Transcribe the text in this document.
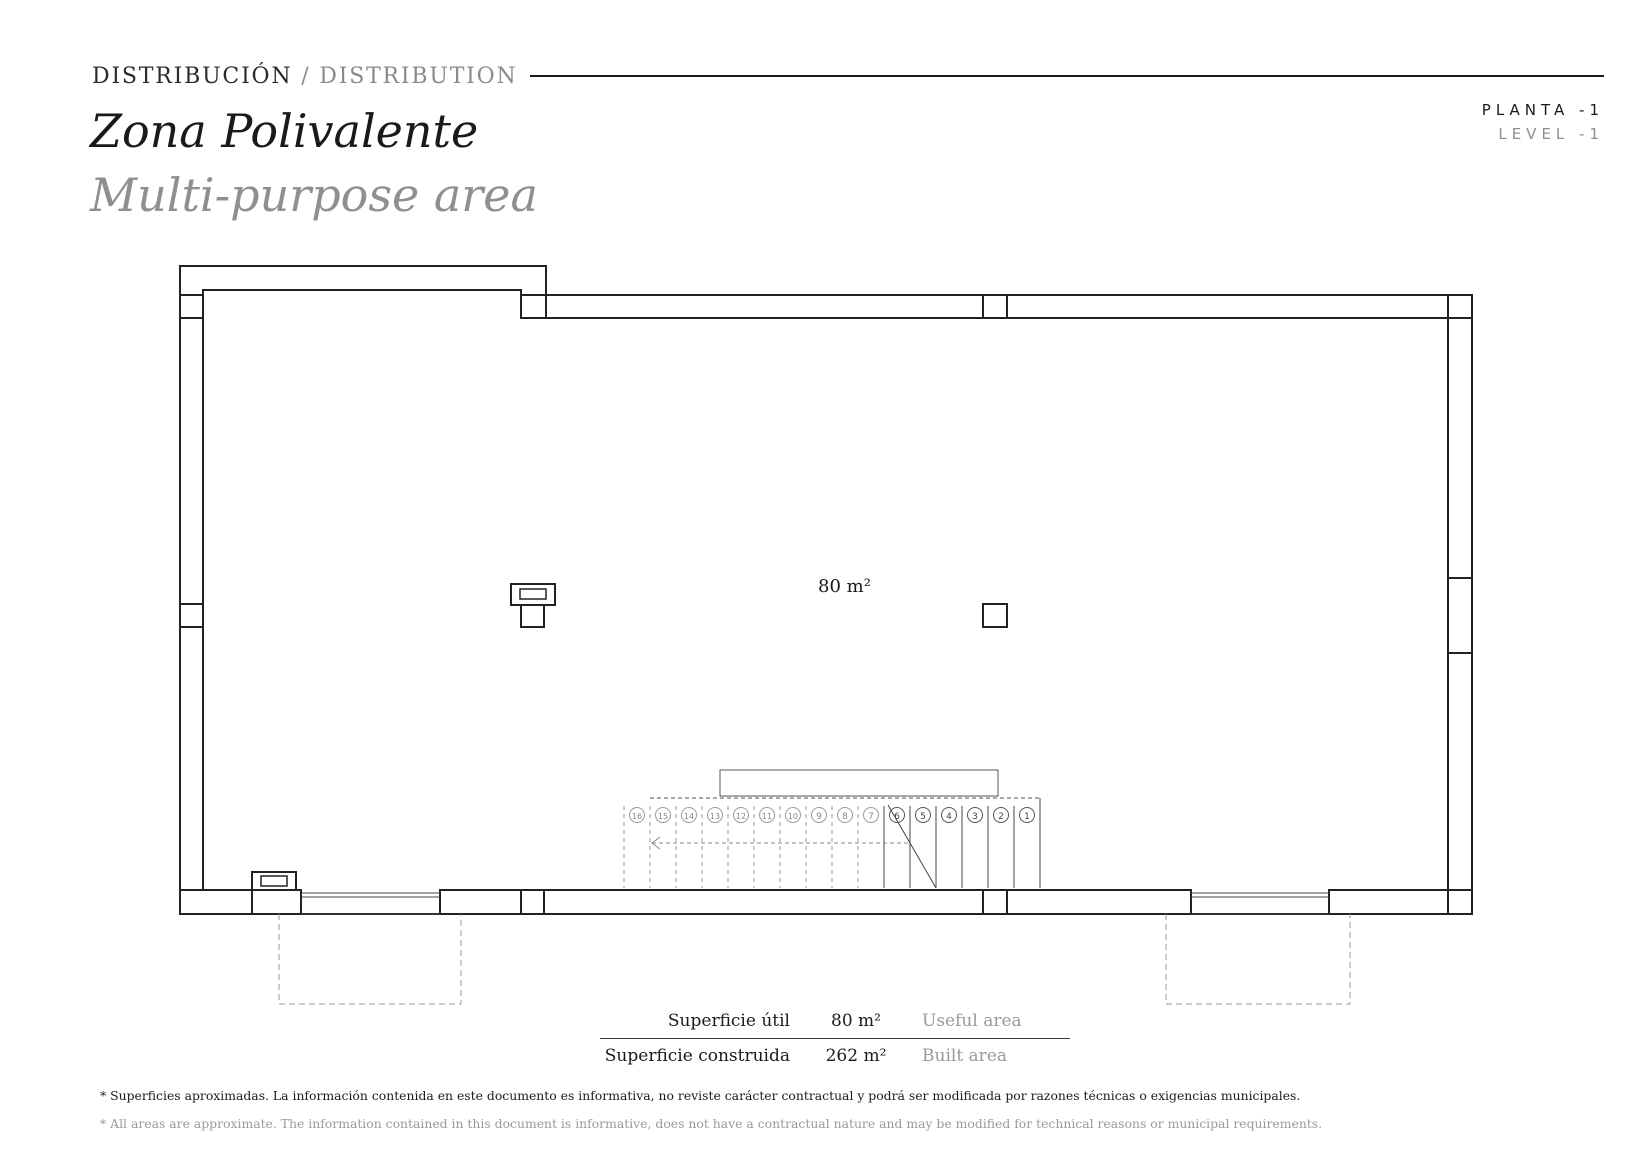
DISTRIBUCIÓN / DISTRIBUTION
Zona Polivalente
Multi-purpose area
PLANTA -1
LEVEL -1
1
2
3
4
5
6
7
8
9
10
11
12
13
14
15
16
80 m²
Superficie útil	80 m²	Useful area
Superficie construida	262 m²	Built area
* Superficies aproximadas. La información contenida en este documento es informativa, no reviste carácter contractual y podrá ser modificada por razones técnicas o exigencias municipales.
* All areas are approximate. The information contained in this document is informative, does not have a contractual nature and may be modified for technical reasons or municipal requirements.
